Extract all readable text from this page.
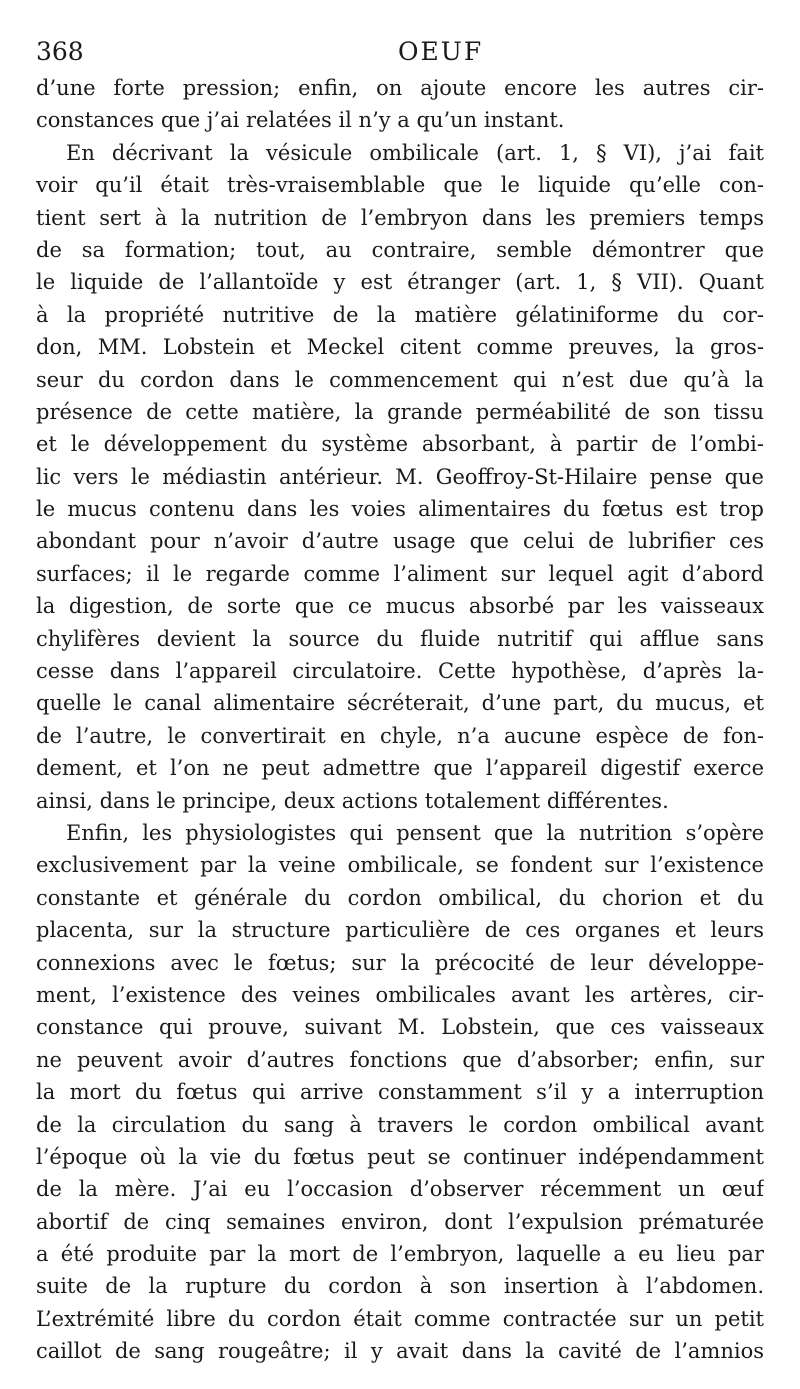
368	OEUF
d’une forte pression; enfin, on ajoute encore les autres cir-
constances que j’ai relatées il n’y a qu’un instant.
En décrivant la vésicule ombilicale (art. 1, § VI), j’ai fait
voir qu’il était très-vraisemblable que le liquide qu’elle con-
tient sert à la nutrition de l’embryon dans les premiers temps
de sa formation; tout, au contraire, semble démontrer que
le liquide de l’allantoïde y est étranger (art. 1, § VII). Quant
à la propriété nutritive de la matière gélatiniforme du cor-
don, MM. Lobstein et Meckel citent comme preuves, la gros-
seur du cordon dans le commencement qui n’est due qu’à la
présence de cette matière, la grande perméabilité de son tissu
et le développement du système absorbant, à partir de l’ombi-
lic vers le médiastin antérieur. M. Geoffroy-St-Hilaire pense que
le mucus contenu dans les voies alimentaires du fœtus est trop
abondant pour n’avoir d’autre usage que celui de lubrifier ces
surfaces; il le regarde comme l’aliment sur lequel agit d’abord
la digestion, de sorte que ce mucus absorbé par les vaisseaux
chylifères devient la source du fluide nutritif qui afflue sans
cesse dans l’appareil circulatoire. Cette hypothèse, d’après la-
quelle le canal alimentaire sécréterait, d’une part, du mucus, et
de l’autre, le convertirait en chyle, n’a aucune espèce de fon-
dement, et l’on ne peut admettre que l’appareil digestif exerce
ainsi, dans le principe, deux actions totalement différentes.
Enfin, les physiologistes qui pensent que la nutrition s’opère
exclusivement par la veine ombilicale, se fondent sur l’existence
constante et générale du cordon ombilical, du chorion et du
placenta, sur la structure particulière de ces organes et leurs
connexions avec le fœtus; sur la précocité de leur développe-
ment, l’existence des veines ombilicales avant les artères, cir-
constance qui prouve, suivant M. Lobstein, que ces vaisseaux
ne peuvent avoir d’autres fonctions que d’absorber; enfin, sur
la mort du fœtus qui arrive constamment s’il y a interruption
de la circulation du sang à travers le cordon ombilical avant
l’époque où la vie du fœtus peut se continuer indépendamment
de la mère. J’ai eu l’occasion d’observer récemment un œuf
abortif de cinq semaines environ, dont l’expulsion prématurée
a été produite par la mort de l’embryon, laquelle a eu lieu par
suite de la rupture du cordon à son insertion à l’abdomen.
L’extrémité libre du cordon était comme contractée sur un petit
caillot de sang rougeâtre; il y avait dans la cavité de l’amnios
